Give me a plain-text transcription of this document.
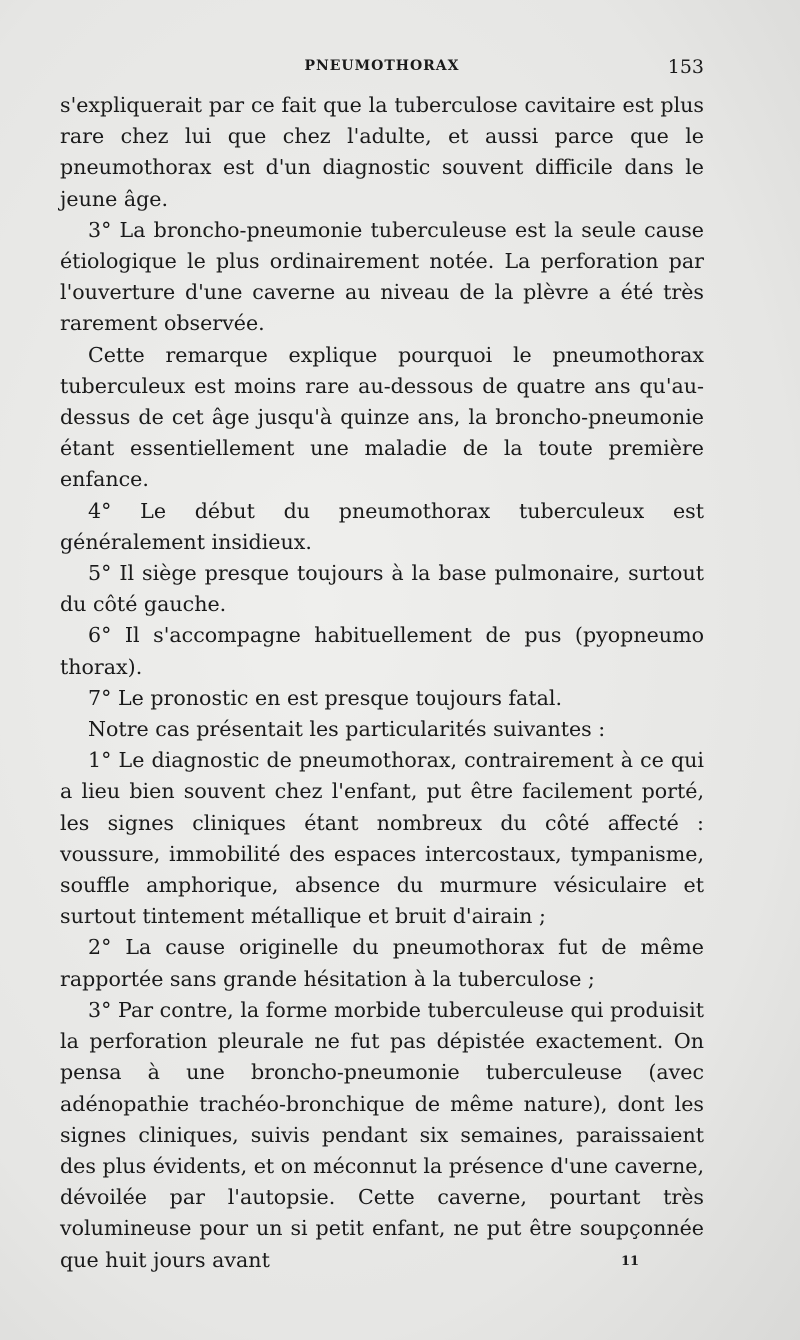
PNEUMOTHORAX	153

s'expliquerait par ce fait que la tuberculose cavitaire est plus rare chez lui que chez l'adulte, et aussi parce que le pneumothorax est d'un diagnostic souvent difficile dans le jeune âge.

3° La broncho-pneumonie tuberculeuse est la seule cause étiologique le plus ordinairement notée. La perforation par l'ouverture d'une caverne au niveau de la plèvre a été très rarement observée.

Cette remarque explique pourquoi le pneumothorax tuberculeux est moins rare au-dessous de quatre ans qu'au-dessus de cet âge jusqu'à quinze ans, la broncho-pneumonie étant essentiellement une maladie de la toute première enfance.

4° Le début du pneumothorax tuberculeux est généralement insidieux.

5° Il siège presque toujours à la base pulmonaire, surtout du côté gauche.

6° Il s'accompagne habituellement de pus (pyopneumo thorax).

7° Le pronostic en est presque toujours fatal.

Notre cas présentait les particularités suivantes :

1° Le diagnostic de pneumothorax, contrairement à ce qui a lieu bien souvent chez l'enfant, put être facilement porté, les signes cliniques étant nombreux du côté affecté : voussure, immobilité des espaces intercostaux, tympanisme, souffle amphorique, absence du murmure vésiculaire et surtout tintement métallique et bruit d'airain ;

2° La cause originelle du pneumothorax fut de même rapportée sans grande hésitation à la tuberculose ;

3° Par contre, la forme morbide tuberculeuse qui produisit la perforation pleurale ne fut pas dépistée exactement. On pensa à une broncho-pneumonie tuberculeuse (avec adénopathie trachéo-bronchique de même nature), dont les signes cliniques, suivis pendant six semaines, paraissaient des plus évidents, et on méconnut la présence d'une caverne, dévoilée par l'autopsie. Cette caverne, pourtant très volumineuse pour un si petit enfant, ne put être soupçonnée que huit jours avant	11
